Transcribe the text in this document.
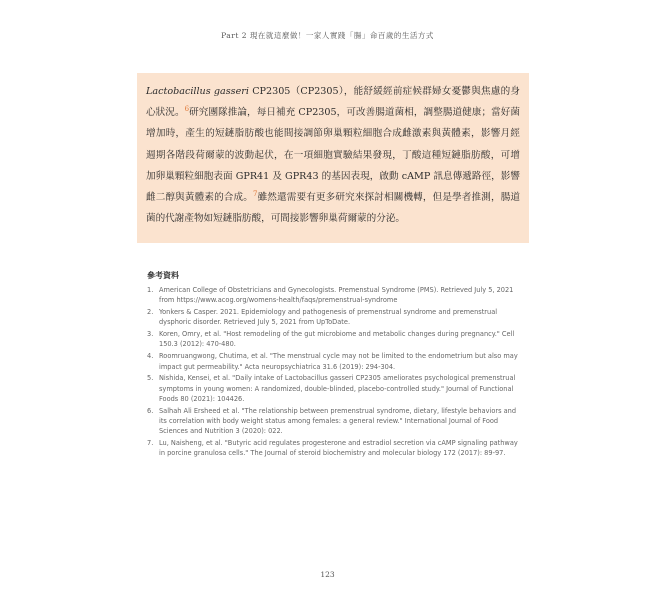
Part 2 現在就這麼做！一家人實踐「腸」命百歲的生活方式
Lactobacillus gasseri CP2305（CP2305），能舒緩經前症候群婦女憂鬱與焦慮的身心狀況。$^6$研究團隊推論，每日補充 CP2305，可改善腸道菌相，調整腸道健康；當好菌增加時，產生的短鏈脂肪酸也能間接調節卵巢顆粒細胞合成雌激素與黃體素，影響月經週期各階段荷爾蒙的波動起伏，在一項細胞實驗結果發現，丁酸這種短鏈脂肪酸，可增加卵巢顆粒細胞表面 GPR41 及 GPR43 的基因表現，啟動 cAMP 訊息傳遞路徑，影響雌二醇與黃體素的合成。$^7$雖然還需要有更多研究來探討相關機轉，但是學者推測，腸道菌的代謝產物如短鏈脂肪酸，可間接影響卵巢荷爾蒙的分泌。
參考資料
1. American College of Obstetricians and Gynecologists. Premenstual Syndrome (PMS). Retrieved July 5, 2021 from https://www.acog.org/womens-health/faqs/premenstrual-syndrome
2. Yonkers & Casper. 2021. Epidemiology and pathogenesis of premenstrual syndrome and premenstrual dysphoric disorder. Retrieved July 5, 2021 from UpToDate.
3. Koren, Omry, et al. "Host remodeling of the gut microbiome and metabolic changes during pregnancy." Cell 150.3 (2012): 470-480.
4. Roomruangwong, Chutima, et al. "The menstrual cycle may not be limited to the endometrium but also may impact gut permeability." Acta neuropsychiatrica 31.6 (2019): 294-304.
5. Nishida, Kensei, et al. "Daily intake of Lactobacillus gasseri CP2305 ameliorates psychological premenstrual symptoms in young women: A randomized, double-blinded, placebo-controlled study." Journal of Functional Foods 80 (2021): 104426.
6. Salhah Ali Ersheed et al. "The relationship between premenstrual syndrome, dietary, lifestyle behaviors and its correlation with body weight status among females: a general review." International Journal of Food Sciences and Nutrition 3 (2020): 022.
7. Lu, Naisheng, et al. "Butyric acid regulates progesterone and estradiol secretion via cAMP signaling pathway in porcine granulosa cells." The Journal of steroid biochemistry and molecular biology 172 (2017): 89-97.
123
